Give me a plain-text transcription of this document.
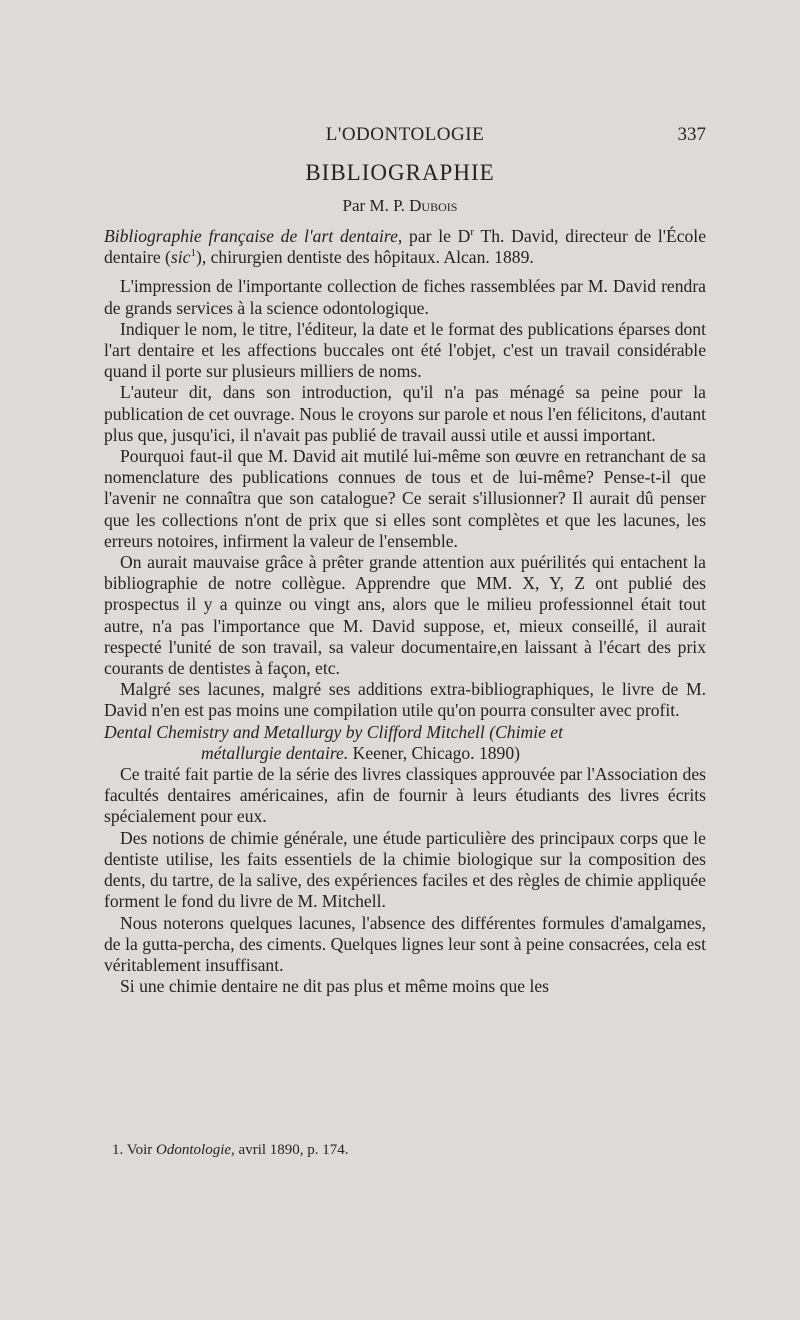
L'ODONTOLOGIE	337
BIBLIOGRAPHIE
Par M. P. Dubois

Bibliographie française de l'art dentaire, par le $D^r$ Th. David, directeur de l'École dentaire (sic$^1$), chirurgien dentiste des hôpitaux. Alcan. 1889.

L'impression de l'importante collection de fiches rassemblées par M. David rendra de grands services à la science odontologique.

Indiquer le nom, le titre, l'éditeur, la date et le format des publications éparses dont l'art dentaire et les affections buccales ont été l'objet, c'est un travail considérable quand il porte sur plusieurs milliers de noms.

L'auteur dit, dans son introduction, qu'il n'a pas ménagé sa peine pour la publication de cet ouvrage. Nous le croyons sur parole et nous l'en félicitons, d'autant plus que, jusqu'ici, il n'avait pas publié de travail aussi utile et aussi important.

Pourquoi faut-il que M. David ait mutilé lui-même son œuvre en retranchant de sa nomenclature des publications connues de tous et de lui-même? Pense-t-il que l'avenir ne connaîtra que son catalogue? Ce serait s'illusionner? Il aurait dû penser que les collections n'ont de prix que si elles sont complètes et que les lacunes, les erreurs notoires, infirment la valeur de l'ensemble.

On aurait mauvaise grâce à prêter grande attention aux puérilités qui entachent la bibliographie de notre collègue. Apprendre que MM. X, Y, Z ont publié des prospectus il y a quinze ou vingt ans, alors que le milieu professionnel était tout autre, n'a pas l'importance que M. David suppose, et, mieux conseillé, il aurait respecté l'unité de son travail, sa valeur documentaire,en laissant à l'écart des prix courants de dentistes à façon, etc.

Malgré ses lacunes, malgré ses additions extra-bibliographiques, le livre de M. David n'en est pas moins une compilation utile qu'on pourra consulter avec profit.

Dental Chemistry and Metallurgy by Clifford Mitchell (Chimie et
métallurgie dentaire. Keener, Chicago. 1890)

Ce traité fait partie de la série des livres classiques approuvée par l'Association des facultés dentaires américaines, afin de fournir à leurs étudiants des livres écrits spécialement pour eux.

Des notions de chimie générale, une étude particulière des principaux corps que le dentiste utilise, les faits essentiels de la chimie biologique sur la composition des dents, du tartre, de la salive, des expériences faciles et des règles de chimie appliquée forment le fond du livre de M. Mitchell.

Nous noterons quelques lacunes, l'absence des différentes formules d'amalgames, de la gutta-percha, des ciments. Quelques lignes leur sont à peine consacrées, cela est véritablement insuffisant.

Si une chimie dentaire ne dit pas plus et même moins que les

1. Voir Odontologie, avril 1890, p. 174.
